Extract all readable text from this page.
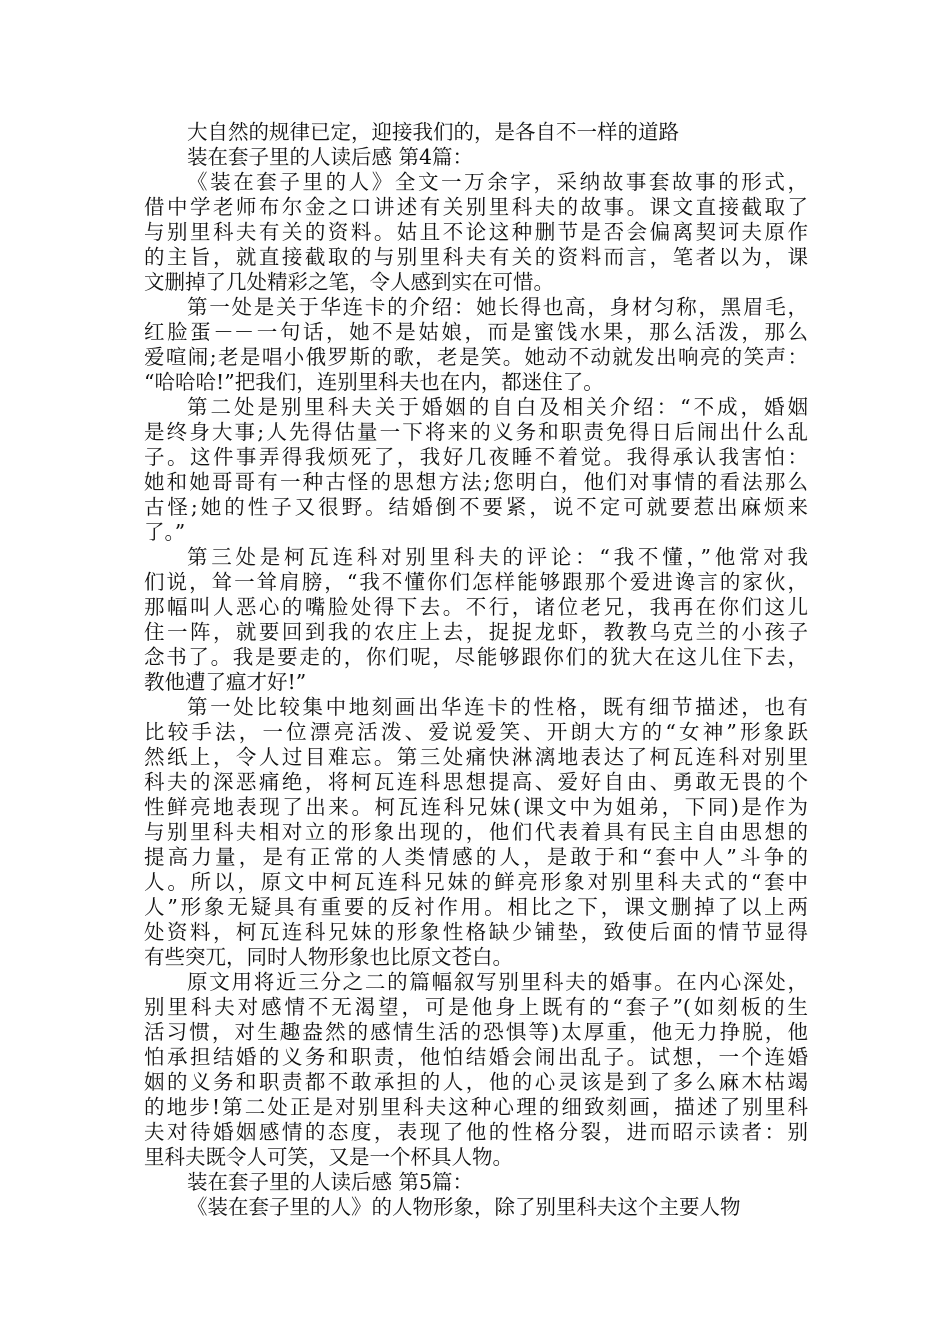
大自然的规律已定，迎接我们的，是各自不一样的道路
装在套子里的人读后感 第4篇：
《装在套子里的人》全文一万余字，采纳故事套故事的形式，
借中学老师布尔金之口讲述有关别里科夫的故事。课文直接截取了
与别里科夫有关的资料。姑且不论这种删节是否会偏离契诃夫原作
的主旨，就直接截取的与别里科夫有关的资料而言，笔者以为，课
文删掉了几处精彩之笔，令人感到实在可惜。
第一处是关于华连卡的介绍：她长得也高，身材匀称，黑眉毛，
红脸蛋－－一句话，她不是姑娘，而是蜜饯水果，那么活泼，那么
爱喧闹;老是唱小俄罗斯的歌，老是笑。她动不动就发出响亮的笑声：
“哈哈哈!”把我们，连别里科夫也在内，都迷住了。
第二处是别里科夫关于婚姻的自白及相关介绍：“不成，婚姻
是终身大事;人先得估量一下将来的义务和职责免得日后闹出什么乱
子。这件事弄得我烦死了，我好几夜睡不着觉。我得承认我害怕：
她和她哥哥有一种古怪的思想方法;您明白，他们对事情的看法那么
古怪;她的性子又很野。结婚倒不要紧，说不定可就要惹出麻烦来
了。”
第三处是柯瓦连科对别里科夫的评论：“我不懂，”他常对我
们说，耸一耸肩膀，“我不懂你们怎样能够跟那个爱进谗言的家伙，
那幅叫人恶心的嘴脸处得下去。不行，诸位老兄，我再在你们这儿
住一阵，就要回到我的农庄上去，捉捉龙虾，教教乌克兰的小孩子
念书了。我是要走的，你们呢，尽能够跟你们的犹大在这儿住下去，
教他遭了瘟才好!”
第一处比较集中地刻画出华连卡的性格，既有细节描述，也有
比较手法，一位漂亮活泼、爱说爱笑、开朗大方的“女神”形象跃
然纸上，令人过目难忘。第三处痛快淋漓地表达了柯瓦连科对别里
科夫的深恶痛绝，将柯瓦连科思想提高、爱好自由、勇敢无畏的个
性鲜亮地表现了出来。柯瓦连科兄妹(课文中为姐弟，下同)是作为
与别里科夫相对立的形象出现的，他们代表着具有民主自由思想的
提高力量，是有正常的人类情感的人，是敢于和“套中人”斗争的
人。所以，原文中柯瓦连科兄妹的鲜亮形象对别里科夫式的“套中
人”形象无疑具有重要的反衬作用。相比之下，课文删掉了以上两
处资料，柯瓦连科兄妹的形象性格缺少铺垫，致使后面的情节显得
有些突兀，同时人物形象也比原文苍白。
原文用将近三分之二的篇幅叙写别里科夫的婚事。在内心深处，
别里科夫对感情不无渴望，可是他身上既有的“套子”(如刻板的生
活习惯，对生趣盎然的感情生活的恐惧等)太厚重，他无力挣脱，他
怕承担结婚的义务和职责，他怕结婚会闹出乱子。试想，一个连婚
姻的义务和职责都不敢承担的人，他的心灵该是到了多么麻木枯竭
的地步!第二处正是对别里科夫这种心理的细致刻画，描述了别里科
夫对待婚姻感情的态度，表现了他的性格分裂，进而昭示读者：别
里科夫既令人可笑，又是一个杯具人物。
装在套子里的人读后感 第5篇：
《装在套子里的人》的人物形象，除了别里科夫这个主要人物
